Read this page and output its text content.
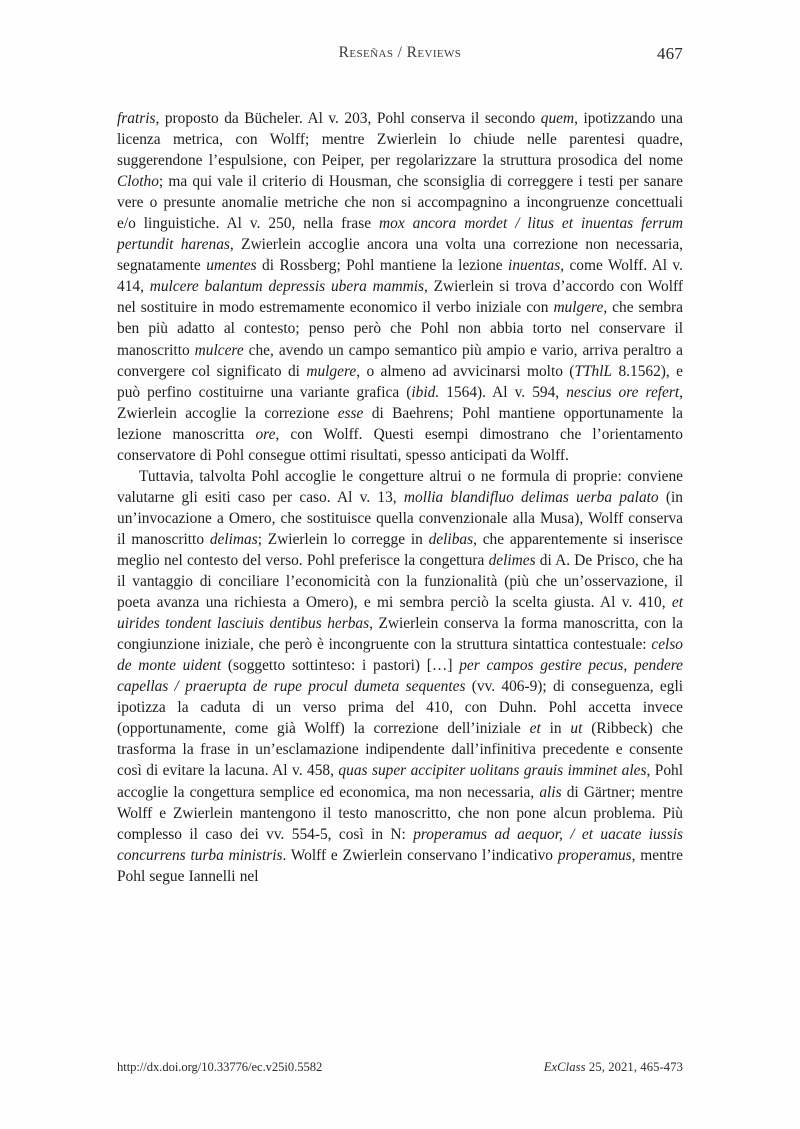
Reseñas / Reviews	467

fratris, proposto da Bücheler. Al v. 203, Pohl conserva il secondo quem, ipotizzando una licenza metrica, con Wolff; mentre Zwierlein lo chiude nelle parentesi quadre, suggerendone l’espulsione, con Peiper, per regolarizzare la struttura prosodica del nome Clotho; ma qui vale il criterio di Housman, che sconsiglia di correggere i testi per sanare vere o presunte anomalie metriche che non si accompagnino a incongruenze concettuali e/o linguistiche. Al v. 250, nella frase mox ancora mordet / litus et inuentas ferrum pertundit harenas, Zwierlein accoglie ancora una volta una correzione non necessaria, segnatamente umentes di Rossberg; Pohl mantiene la lezione inuentas, come Wolff. Al v. 414, mulcere balantum depressis ubera mammis, Zwierlein si trova d’accordo con Wolff nel sostituire in modo estremamente economico il verbo iniziale con mulgere, che sembra ben più adatto al contesto; penso però che Pohl non abbia torto nel conservare il manoscritto mulcere che, avendo un campo semantico più ampio e vario, arriva peraltro a convergere col significato di mulgere, o almeno ad avvicinarsi molto (TThlL 8.1562), e può perfino costituirne una variante grafica (ibid. 1564). Al v. 594, nescius ore refert, Zwierlein accoglie la correzione esse di Baehrens; Pohl mantiene opportunamente la lezione manoscritta ore, con Wolff. Questi esempi dimostrano che l’orientamento conservatore di Pohl consegue ottimi risultati, spesso anticipati da Wolff.

Tuttavia, talvolta Pohl accoglie le congetture altrui o ne formula di proprie: conviene valutarne gli esiti caso per caso. Al v. 13, mollia blandifluo delimas uerba palato (in un’invocazione a Omero, che sostituisce quella convenzionale alla Musa), Wolff conserva il manoscritto delimas; Zwierlein lo corregge in delibas, che apparentemente si inserisce meglio nel contesto del verso. Pohl preferisce la congettura delimes di A. De Prisco, che ha il vantaggio di conciliare l’economicità con la funzionalità (più che un’osservazione, il poeta avanza una richiesta a Omero), e mi sembra perciò la scelta giusta. Al v. 410, et uirides tondent lasciuis dentibus herbas, Zwierlein conserva la forma manoscritta, con la congiunzione iniziale, che però è incongruente con la struttura sintattica contestuale: celso de monte uident (soggetto sottinteso: i pastori) […] per campos gestire pecus, pendere capellas / praerupta de rupe procul dumeta sequentes (vv. 406-9); di conseguenza, egli ipotizza la caduta di un verso prima del 410, con Duhn. Pohl accetta invece (opportunamente, come già Wolff) la correzione dell’iniziale et in ut (Ribbeck) che trasforma la frase in un’esclamazione indipendente dall’infinitiva precedente e consente così di evitare la lacuna. Al v. 458, quas super accipiter uolitans grauis imminet ales, Pohl accoglie la congettura semplice ed economica, ma non necessaria, alis di Gärtner; mentre Wolff e Zwierlein mantengono il testo manoscritto, che non pone alcun problema. Più complesso il caso dei vv. 554-5, così in N: properamus ad aequor, / et uacate iussis concurrens turba ministris. Wolff e Zwierlein conservano l’indicativo properamus, mentre Pohl segue Iannelli nel

http://dx.doi.org/10.33776/ec.v25i0.5582	ExClass 25, 2021, 465-473
